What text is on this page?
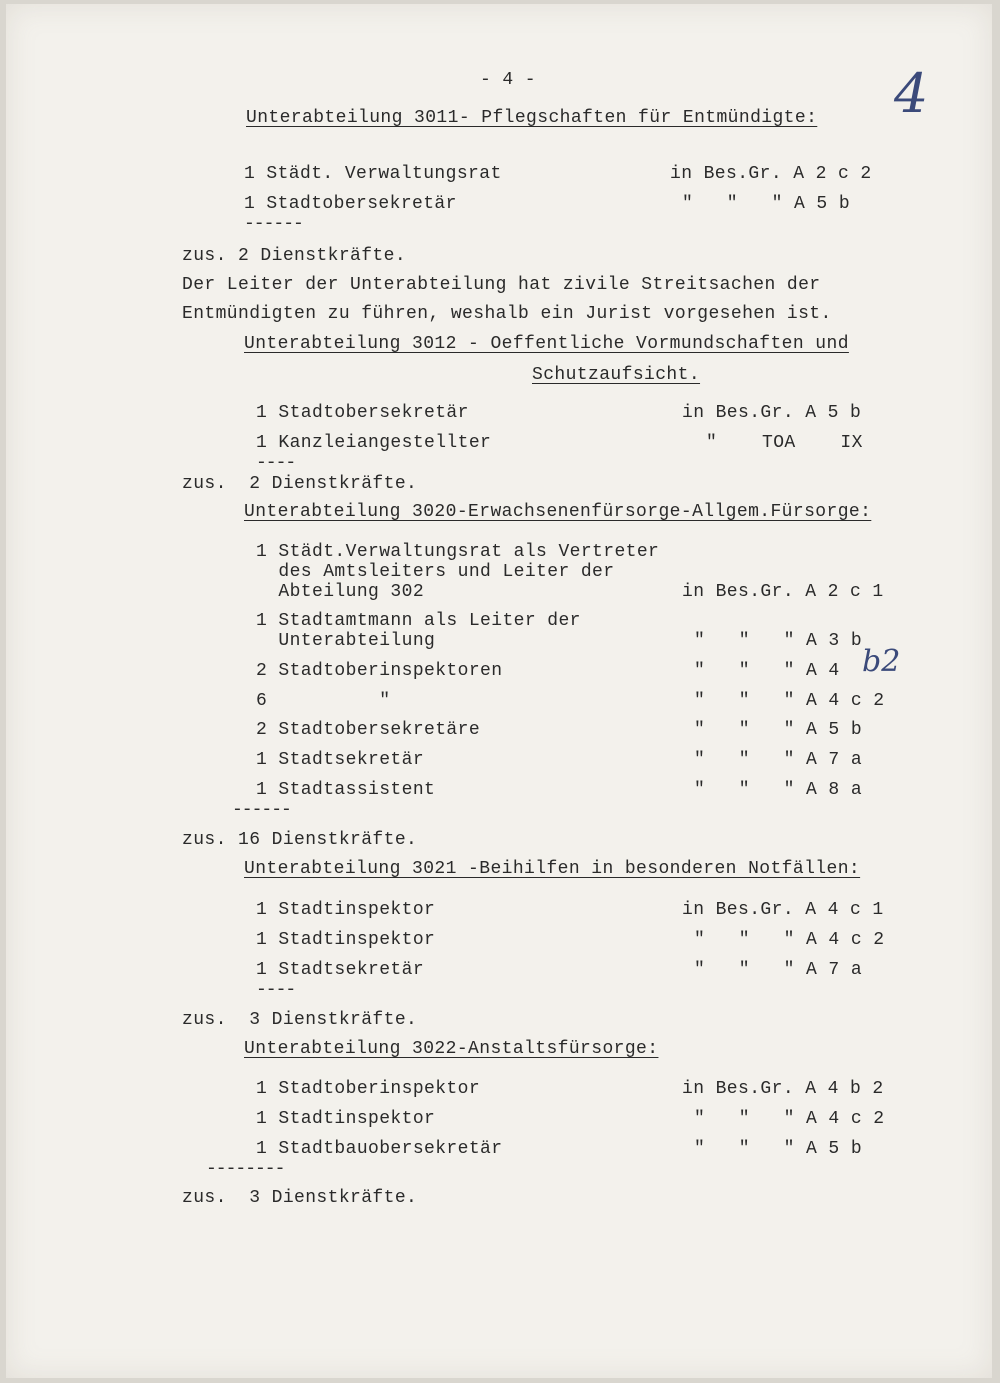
- 4 -	4
Unterabteilung 3011- Pflegschaften für Entmündigte:
1 Städt. Verwaltungsrat	in Bes.Gr. A 2 c 2
1 Stadtobersekretär	"   "   " A 5 b
------
zus. 2 Dienstkräfte.
Der Leiter der Unterabteilung hat zivile Streitsachen der
Entmündigten zu führen, weshalb ein Jurist vorgesehen ist.
Unterabteilung 3012 - Oeffentliche Vormundschaften und
Schutzaufsicht.
1 Stadtobersekretär	in Bes.Gr. A 5 b
1 Kanzleiangestellter	"    TOA    IX
----
zus.  2 Dienstkräfte.
Unterabteilung 3020-Erwachsenenfürsorge-Allgem.Fürsorge:
1 Städt.Verwaltungsrat als Vertreter
des Amtsleiters und Leiter der
Abteilung 302	in Bes.Gr. A 2 c 1
1 Stadtamtmann als Leiter der
Unterabteilung	"   "   " A 3 b
2 Stadtoberinspektoren	"   "   " A 4 b2
6          "	"   "   " A 4 c 2
2 Stadtobersekretäre	"   "   " A 5 b
1 Stadtsekretär	"   "   " A 7 a
1 Stadtassistent	"   "   " A 8 a
------
zus. 16 Dienstkräfte.
Unterabteilung 3021 -Beihilfen in besonderen Notfällen:
1 Stadtinspektor	in Bes.Gr. A 4 c 1
1 Stadtinspektor	"   "   " A 4 c 2
1 Stadtsekretär	"   "   " A 7 a
----
zus.  3 Dienstkräfte.
Unterabteilung 3022-Anstaltsfürsorge:
1 Stadtoberinspektor	in Bes.Gr. A 4 b 2
1 Stadtinspektor	"   "   " A 4 c 2
1 Stadtbauobersekretär	"   "   " A 5 b
--------
zus.  3 Dienstkräfte.
